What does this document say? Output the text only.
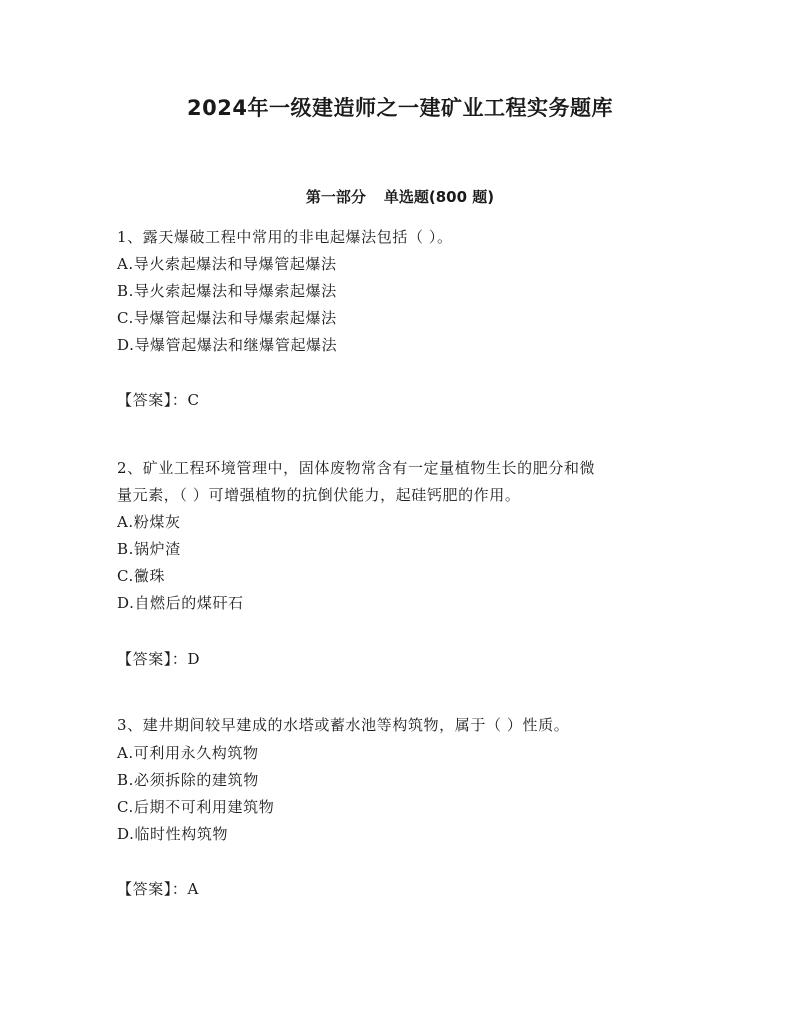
2024年一级建造师之一建矿业工程实务题库
第一部分 单选题(800 题)
1、露天爆破工程中常用的非电起爆法包括（ ）。
A.导火索起爆法和导爆管起爆法
B.导火索起爆法和导爆索起爆法
C.导爆管起爆法和导爆索起爆法
D.导爆管起爆法和继爆管起爆法
【答案】：C
2、矿业工程环境管理中，固体废物常含有一定量植物生长的肥分和微
量元素，（ ）可增强植物的抗倒伏能力，起硅钙肥的作用。
A.粉煤灰
B.锅炉渣
C.黴珠
D.自燃后的煤矸石
【答案】：D
3、建井期间较早建成的水塔或蓄水池等构筑物，属于（ ）性质。
A.可利用永久构筑物
B.必须拆除的建筑物
C.后期不可利用建筑物
D.临时性构筑物
【答案】：A
